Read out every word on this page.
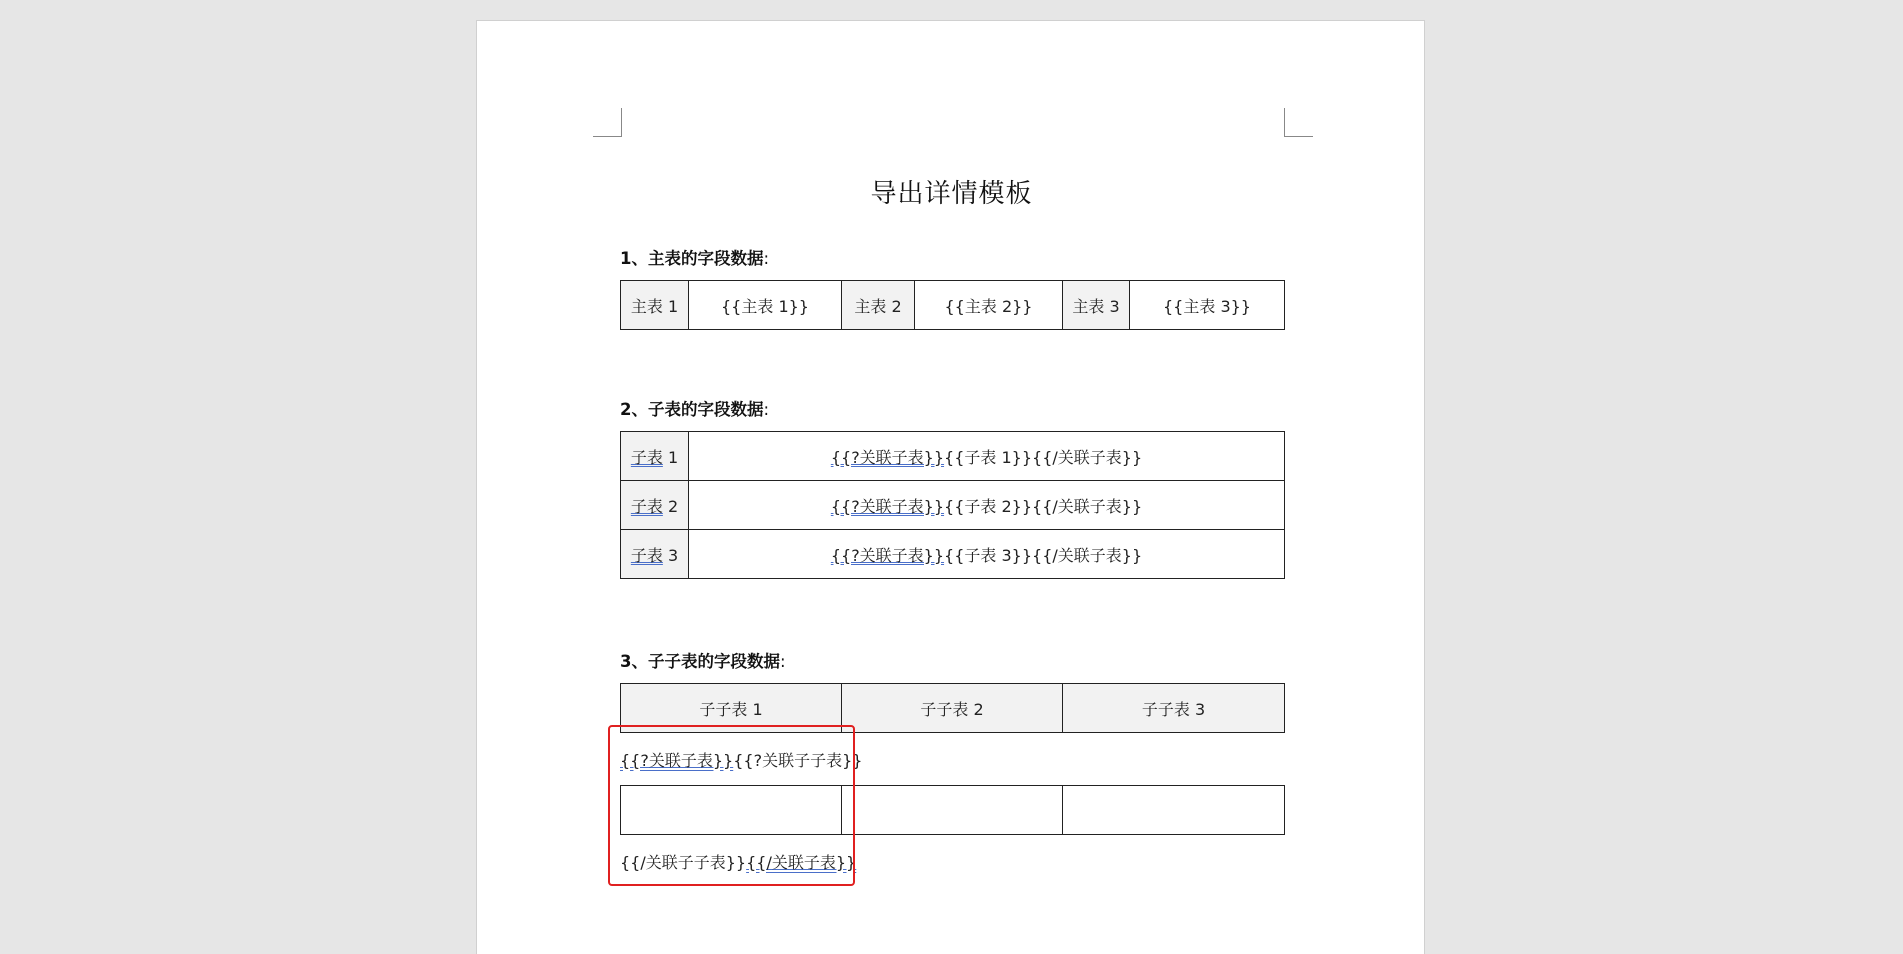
导出详情模板
1、主表的字段数据:
主表 1	{{主表 1}}	主表 2	{{主表 2}}	主表 3	{{主表 3}}
2、子表的字段数据:
子表 1	{{?关联子表}}{{子表 1}}{{/关联子表}}
子表 2	{{?关联子表}}{{子表 2}}{{/关联子表}}
子表 3	{{?关联子表}}{{子表 3}}{{/关联子表}}
3、子子表的字段数据:
子子表 1	子子表 2	子子表 3
{{?关联子表}}{{?关联子子表}}

{{/关联子子表}}{{/关联子表}}
